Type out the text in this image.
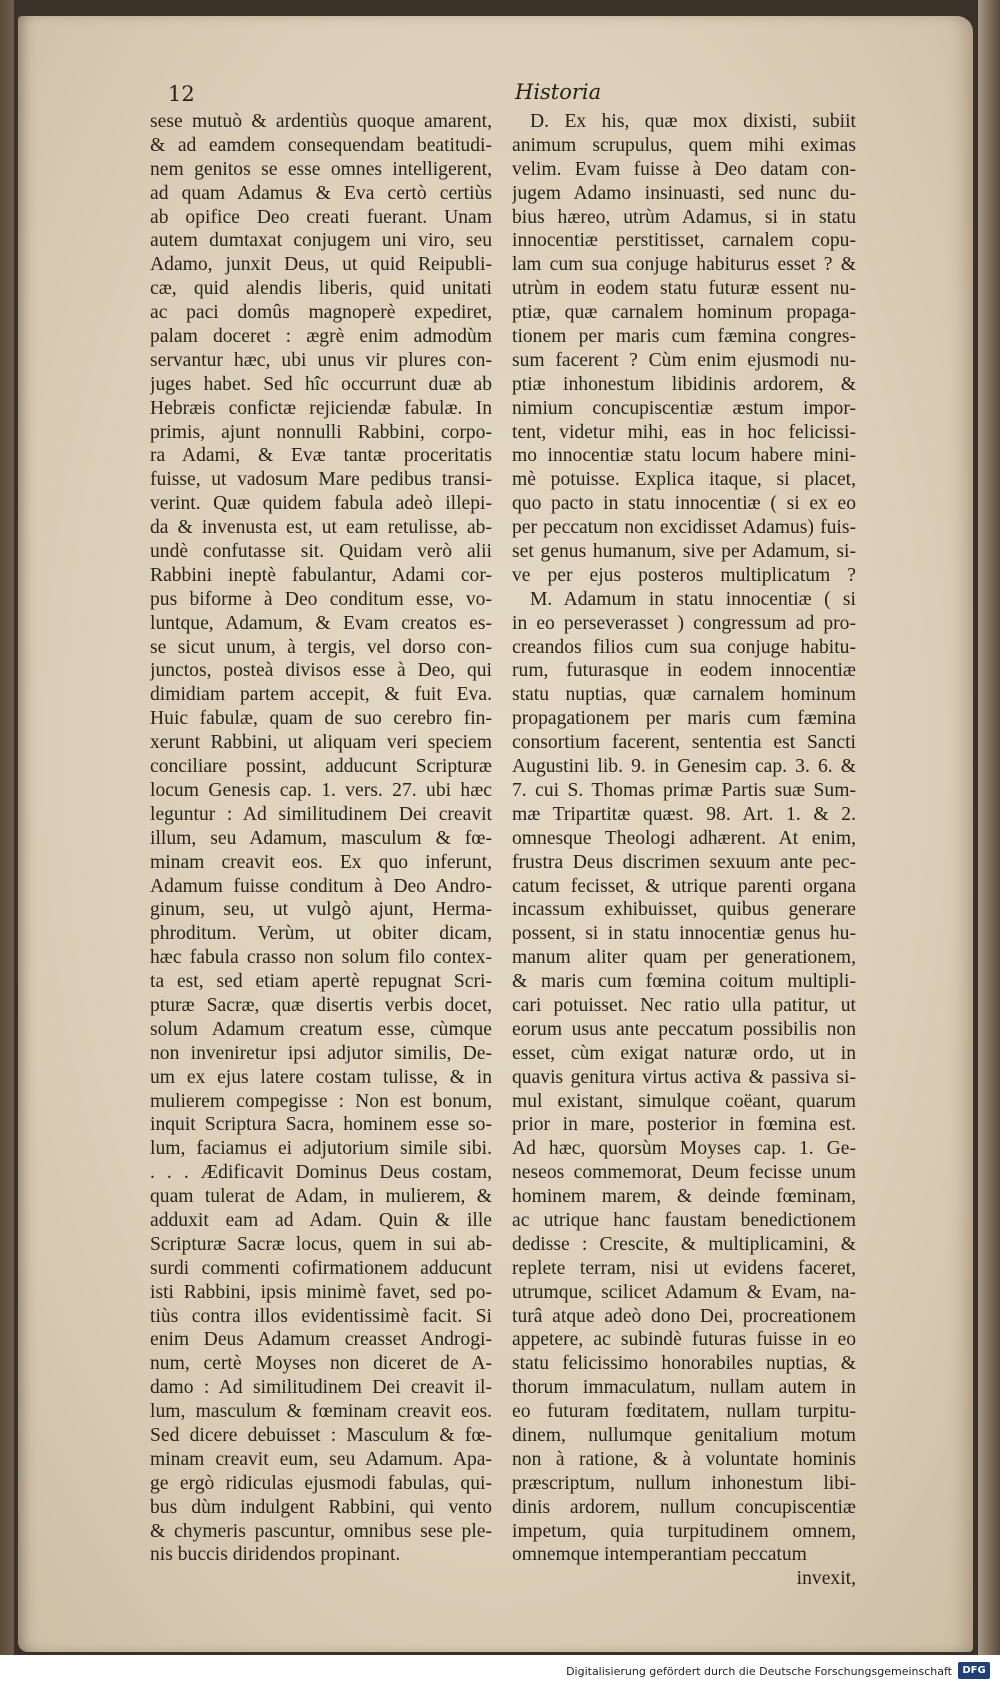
12	Historia
sese mutuò & ardentiùs quoque amarent,
& ad eamdem consequendam beatitudi-
nem genitos se esse omnes intelligerent,
ad quam Adamus & Eva certò certiùs
ab opifice Deo creati fuerant. Unam
autem dumtaxat conjugem uni viro, seu
Adamo, junxit Deus, ut quid Reipubli-
cæ, quid alendis liberis, quid unitati
ac paci domûs magnoperè expediret,
palam doceret : ægrè enim admodùm
servantur hæc, ubi unus vir plures con-
juges habet. Sed hîc occurrunt duæ ab
Hebræis confictæ rejiciendæ fabulæ. In
primis, ajunt nonnulli Rabbini, corpo-
ra Adami, & Evæ tantæ proceritatis
fuisse, ut vadosum Mare pedibus transi-
verint. Quæ quidem fabula adeò illepi-
da & invenusta est, ut eam retulisse, ab-
undè confutasse sit. Quidam verò alii
Rabbini ineptè fabulantur, Adami cor-
pus biforme à Deo conditum esse, vo-
luntque, Adamum, & Evam creatos es-
se sicut unum, à tergis, vel dorso con-
junctos, posteà divisos esse à Deo, qui
dimidiam partem accepit, & fuit Eva.
Huic fabulæ, quam de suo cerebro fin-
xerunt Rabbini, ut aliquam veri speciem
conciliare possint, adducunt Scripturæ
locum Genesis cap. 1. vers. 27. ubi hæc
leguntur : Ad similitudinem Dei creavit
illum, seu Adamum, masculum & fœ-
minam creavit eos. Ex quo inferunt,
Adamum fuisse conditum à Deo Andro-
ginum, seu, ut vulgò ajunt, Herma-
phroditum. Verùm, ut obiter dicam,
hæc fabula crasso non solum filo contex-
ta est, sed etiam apertè repugnat Scri-
pturæ Sacræ, quæ disertis verbis docet,
solum Adamum creatum esse, cùmque
non inveniretur ipsi adjutor similis, De-
um ex ejus latere costam tulisse, & in
mulierem compegisse : Non est bonum,
inquit Scriptura Sacra, hominem esse so-
lum, faciamus ei adjutorium simile sibi.
. . . Ædificavit Dominus Deus costam,
quam tulerat de Adam, in mulierem, &
adduxit eam ad Adam. Quin & ille
Scripturæ Sacræ locus, quem in sui ab-
surdi commenti cofirmationem adducunt
isti Rabbini, ipsis minimè favet, sed po-
tiùs contra illos evidentissimè facit. Si
enim Deus Adamum creasset Androgi-
num, certè Moyses non diceret de A-
damo : Ad similitudinem Dei creavit il-
lum, masculum & fœminam creavit eos.
Sed dicere debuisset : Masculum & fœ-
minam creavit eum, seu Adamum. Apa-
ge ergò ridiculas ejusmodi fabulas, qui-
bus dùm indulgent Rabbini, qui vento
& chymeris pascuntur, omnibus sese ple-
nis buccis diridendos propinant.
D. Ex his, quæ mox dixisti, subiit
animum scrupulus, quem mihi eximas
velim. Evam fuisse à Deo datam con-
jugem Adamo insinuasti, sed nunc du-
bius hæreo, utrùm Adamus, si in statu
innocentiæ perstitisset, carnalem copu-
lam cum sua conjuge habiturus esset ? &
utrùm in eodem statu futuræ essent nu-
ptiæ, quæ carnalem hominum propaga-
tionem per maris cum fæmina congres-
sum facerent ? Cùm enim ejusmodi nu-
ptiæ inhonestum libidinis ardorem, &
nimium concupiscentiæ æstum impor-
tent, videtur mihi, eas in hoc felicissi-
mo innocentiæ statu locum habere mini-
mè potuisse. Explica itaque, si placet,
quo pacto in statu innocentiæ ( si ex eo
per peccatum non excidisset Adamus) fuis-
set genus humanum, sive per Adamum, si-
ve per ejus posteros multiplicatum ?
M. Adamum in statu innocentiæ ( si
in eo perseverasset ) congressum ad pro-
creandos filios cum sua conjuge habitu-
rum, futurasque in eodem innocentiæ
statu nuptias, quæ carnalem hominum
propagationem per maris cum fæmina
consortium facerent, sententia est Sancti
Augustini lib. 9. in Genesim cap. 3. 6. &
7. cui S. Thomas primæ Partis suæ Sum-
mæ Tripartitæ quæst. 98. Art. 1. & 2.
omnesque Theologi adhærent. At enim,
frustra Deus discrimen sexuum ante pec-
catum fecisset, & utrique parenti organa
incassum exhibuisset, quibus generare
possent, si in statu innocentiæ genus hu-
manum aliter quam per generationem,
& maris cum fœmina coitum multipli-
cari potuisset. Nec ratio ulla patitur, ut
eorum usus ante peccatum possibilis non
esset, cùm exigat naturæ ordo, ut in
quavis genitura virtus activa & passiva si-
mul existant, simulque coëant, quarum
prior in mare, posterior in fœmina est.
Ad hæc, quorsùm Moyses cap. 1. Ge-
neseos commemorat, Deum fecisse unum
hominem marem, & deinde fœminam,
ac utrique hanc faustam benedictionem
dedisse : Crescite, & multiplicamini, &
replete terram, nisi ut evidens faceret,
utrumque, scilicet Adamum & Evam, na-
turâ atque adeò dono Dei, procreationem
appetere, ac subindè futuras fuisse in eo
statu felicissimo honorabiles nuptias, &
thorum immaculatum, nullam autem in
eo futuram fœditatem, nullam turpitu-
dinem, nullumque genitalium motum
non à ratione, & à voluntate hominis
præscriptum, nullum inhonestum libi-
dinis ardorem, nullum concupiscentiæ
impetum, quia turpitudinem omnem,
omnemque intemperantiam peccatum
invexit,
Digitalisierung gefördert durch die Deutsche Forschungsgemeinschaft	DFG
